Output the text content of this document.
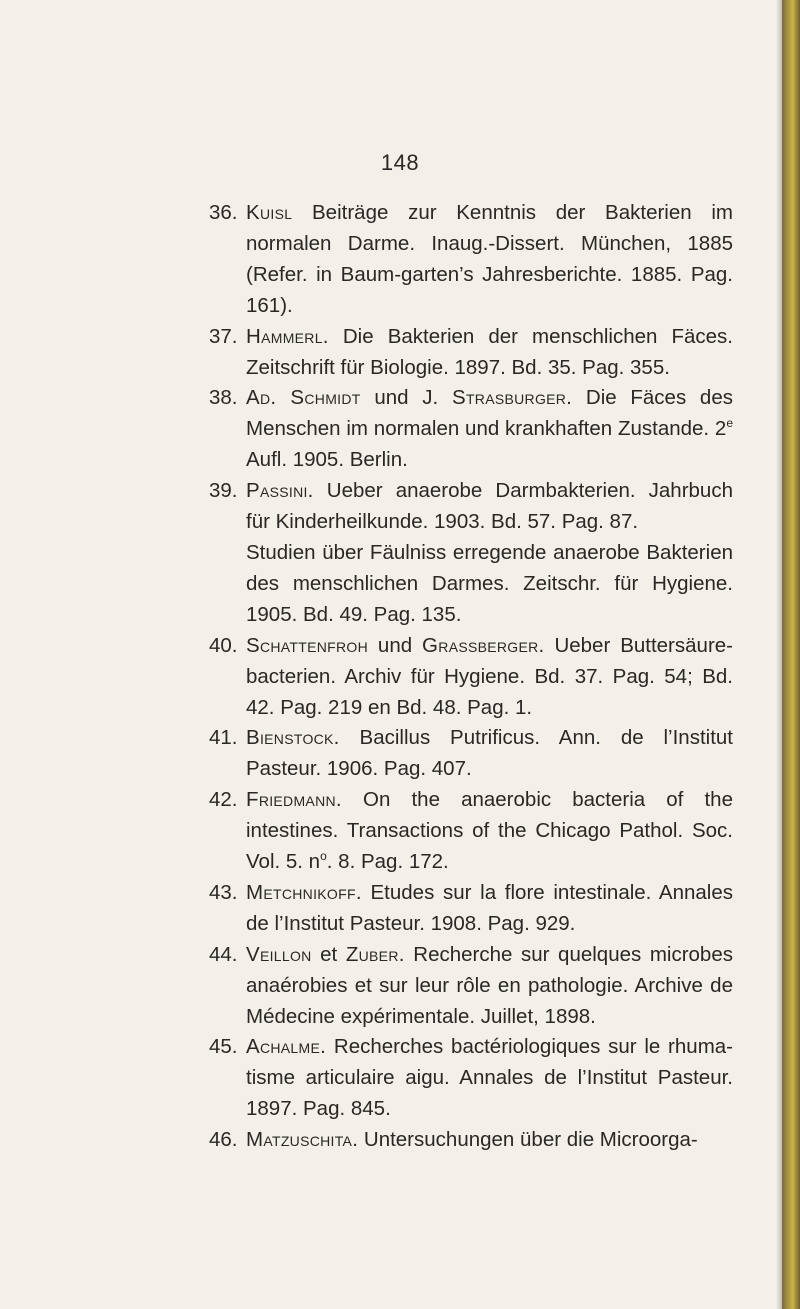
148
36. Kuisl Beiträge zur Kenntnis der Bakterien im normalen Darme. Inaug.-Dissert. München, 1885 (Refer. in Baum-garten’s Jahresberichte. 1885. Pag. 161).
37. Hammerl. Die Bakterien der menschlichen Fäces. Zeitschrift für Biologie. 1897. Bd. 35. Pag. 355.
38. Ad. Schmidt und J. Strasburger. Die Fäces des Menschen im normalen und krankhaften Zustande. 2e Aufl. 1905. Berlin.
39. Passini. Ueber anaerobe Darmbakterien. Jahrbuch für Kinderheilkunde. 1903. Bd. 57. Pag. 87.
Studien über Fäulniss erregende anaerobe Bakterien des menschlichen Darmes. Zeitschr. für Hygiene. 1905. Bd. 49. Pag. 135.
40. Schattenfroh und Grassberger. Ueber Buttersäure-bacterien. Archiv für Hygiene. Bd. 37. Pag. 54; Bd. 42. Pag. 219 en Bd. 48. Pag. 1.
41. Bienstock. Bacillus Putrificus. Ann. de l’Institut Pasteur. 1906. Pag. 407.
42. Friedmann. On the anaerobic bacteria of the intestines. Transactions of the Chicago Pathol. Soc. Vol. 5. $n^o$. 8. Pag. 172.
43. Metchnikoff. Etudes sur la flore intestinale. Annales de l’Institut Pasteur. 1908. Pag. 929.
44. Veillon et Zuber. Recherche sur quelques microbes anaérobies et sur leur rôle en pathologie. Archive de Médecine expérimentale. Juillet, 1898.
45. Achalme. Recherches bactériologiques sur le rhuma-tisme articulaire aigu. Annales de l’Institut Pasteur. 1897. Pag. 845.
46. Matzuschita. Untersuchungen über die Microorga-
